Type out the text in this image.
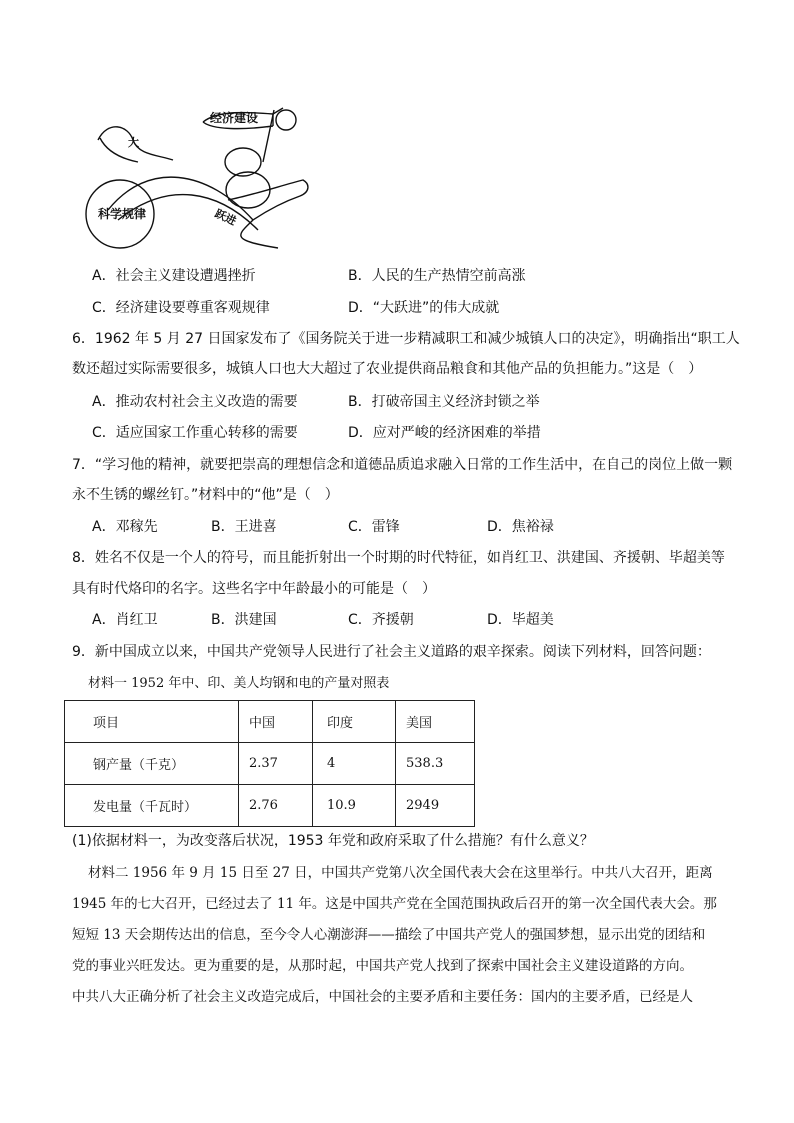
经济建设
科学规律	跃进
大
A．社会主义建设遭遇挫折	B．人民的生产热情空前高涨
C．经济建设要尊重客观规律	D．“大跃进”的伟大成就
6．1962 年 5 月 27 日国家发布了《国务院关于进一步精减职工和减少城镇人口的决定》，明确指出“职工人
数还超过实际需要很多，城镇人口也大大超过了农业提供商品粮食和其他产品的负担能力。”这是（　）
A．推动农村社会主义改造的需要	B．打破帝国主义经济封锁之举
C．适应国家工作重心转移的需要	D．应对严峻的经济困难的举措
7．“学习他的精神，就要把崇高的理想信念和道德品质追求融入日常的工作生活中，在自己的岗位上做一颗
永不生锈的螺丝钉。”材料中的“他”是（　）
A．邓稼先	B．王进喜	C．雷锋	D．焦裕禄
8．姓名不仅是一个人的符号，而且能折射出一个时期的时代特征，如肖红卫、洪建国、齐援朝、毕超美等
具有时代烙印的名字。这些名字中年龄最小的可能是（　）
A．肖红卫	B．洪建国	C．齐援朝	D．毕超美
9．新中国成立以来，中国共产党领导人民进行了社会主义道路的艰辛探索。阅读下列材料，回答问题：
材料一 1952 年中、印、美人均钢和电的产量对照表
项目	中国	印度	美国
钢产量（千克）	2.37	4	538.3
发电量（千瓦时）	2.76	10.9	2949
(1)依据材料一，为改变落后状况，1953 年党和政府采取了什么措施？有什么意义？
材料二 1956 年 9 月 15 日至 27 日，中国共产党第八次全国代表大会在这里举行。中共八大召开，距离
1945 年的七大召开，已经过去了 11 年。这是中国共产党在全国范围执政后召开的第一次全国代表大会。那
短短 13 天会期传达出的信息，至今令人心潮澎湃——描绘了中国共产党人的强国梦想，显示出党的团结和
党的事业兴旺发达。更为重要的是，从那时起，中国共产党人找到了探索中国社会主义建设道路的方向。
中共八大正确分析了社会主义改造完成后，中国社会的主要矛盾和主要任务：国内的主要矛盾，已经是人
